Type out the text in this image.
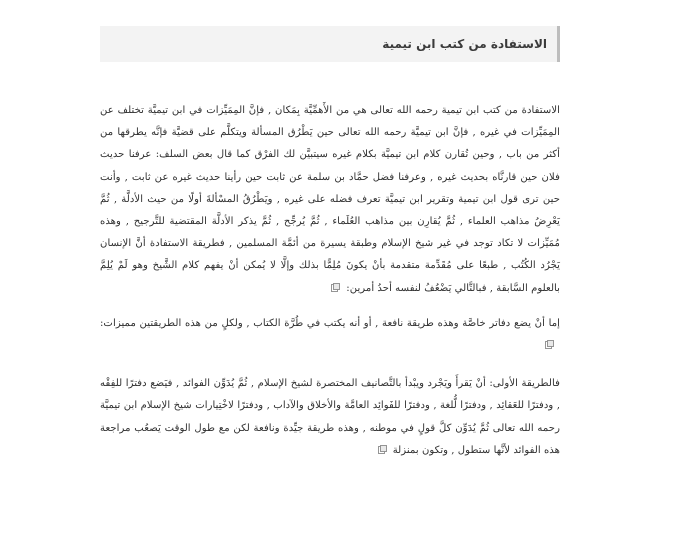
الاستفادة من كتب ابن تيمية

الاستفادة من كتب ابن تيمية رحمه الله تعالى هي من الأَهمِّيَّة بِمَكان , فإنَّ المِمَيِّزات في ابن تيميَّة تختلف عن المِمَيِّزات في غيره , فإنَّ ابن تيميَّة رحمه الله تعالى حين يَطْرُق المسألة ويتكلَّم على قضيَّة فإنَّه يطرقها من أكثر من باب , وحين تُقارن كلام ابن تيميَّة بكلام غيره سيتبيَّن لك الفرْق كما قال بعض السلف: عرفنا حديث فلان حين قارنَّاه بحديث غيره , وعرفنا فضل حمَّاد بن سلمة عن ثابت حين رأينا حديث غيره عن ثابت , وأنت حين ترى قول ابن تيمية وتقرير ابن تيميَّة تعرف فضله على غيره , ويَطْرُقُ المسْألةَ أولًا من حيث الأدلَّة , ثُمَّ يَعْرِضُ مذاهب العلماء , ثُمَّ يُقارِن بين مذاهب العُلَماء , ثُمَّ يُرجِّح , ثُمَّ يذكر الأدلَّة المقتضية للتَّرجيح , وهذه مُمَيِّزات لا تكاد توجد في غير شيخ الإسلام وطبقة يسيرة من أئمَّة المسلمين , فطريقة الاستفادة أنَّ الإنسان يَجْرُد الكُتُب , طبعًا على مُقَدِّمة متقدمة بأنْ يكونَ مُلِمًّا بذلك وإلَّا لا يُمكن أنْ يفهم كلام الشَّيخ وهو لَمْ يُلِمَّ بالعلوم السَّابقة , فبالتَّالي يَضْعُفُ لنفسه أحدُ أمرين:

إما أنْ يضع دفاتر خاصَّة وهذه طريقة نافعة , أو أنه يكتب في طُرَّة الكتاب , ولكلٍ من هذه الطريقتين مميزات:

فالطريقة الأولى: أنْ يَقرأَ ويَجْرد ويبْدأ بالتَّصانيف المختصرة لشيخ الإسلام , ثُمَّ يُدَوِّن الفوائد , فيَضع دفترًا للفِقْه , ودفترًا للعَقائِد , ودفترًا لُّلغة , ودفترًا للفَوائِد العامَّة والأخلاق والآداب , ودفترًا لاخْتِيارات شيخ الإسلام ابن تيميَّة رحمه الله تعالى ثُمَّ يُدَوِّن كلَّ قولٍ في موطنه , وهذه طريقة جيِّدة ونافعة لكن مع طول الوقت يَصعُب مراجعة هذه الفوائد لأنَّها ستطول , وتكون بمنزلة
